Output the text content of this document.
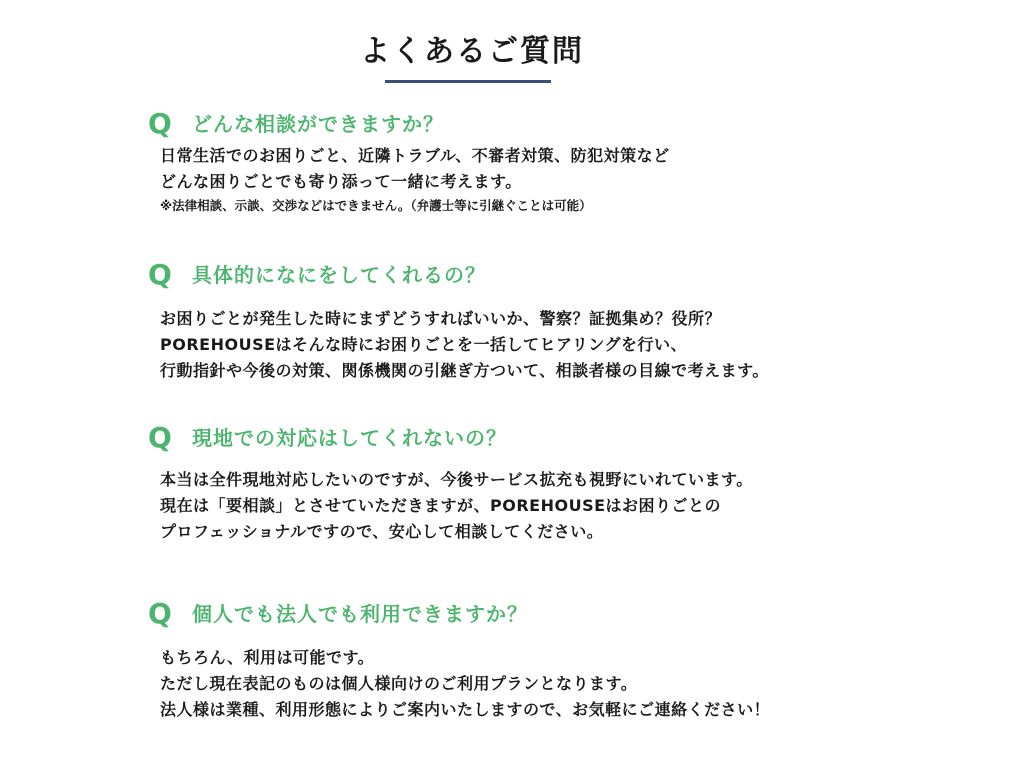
よくあるご質問
Q	どんな相談ができますか？
日常生活でのお困りごと、近隣トラブル、不審者対策、防犯対策など
どんな困りごとでも寄り添って一緒に考えます。
※法律相談、示談、交渉などはできません。（弁護士等に引継ぐことは可能）
Q	具体的になにをしてくれるの？
お困りごとが発生した時にまずどうすればいいか、警察？証拠集め？役所？
POREHOUSEはそんな時にお困りごとを一括してヒアリングを行い、
行動指針や今後の対策、関係機関の引継ぎ方ついて、相談者様の目線で考えます。
Q	現地での対応はしてくれないの？
本当は全件現地対応したいのですが、今後サービス拡充も視野にいれています。
現在は「要相談」とさせていただきますが、POREHOUSEはお困りごとの
プロフェッショナルですので、安心して相談してください。
Q	個人でも法人でも利用できますか？
もちろん、利用は可能です。
ただし現在表記のものは個人様向けのご利用プランとなります。
法人様は業種、利用形態によりご案内いたしますので、お気軽にご連絡ください！
